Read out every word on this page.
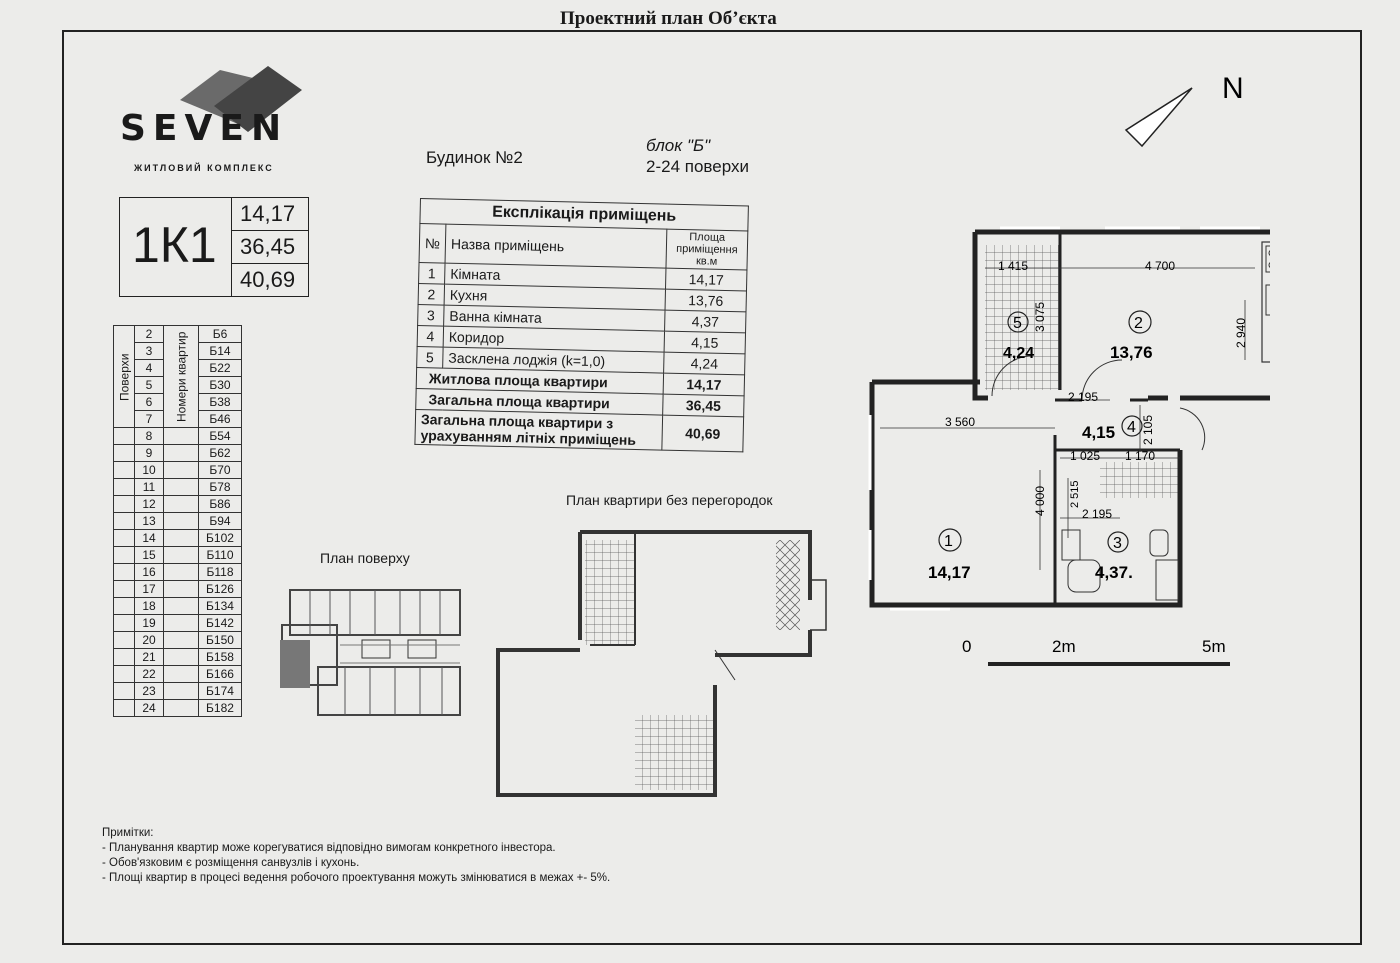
Проектний план Об’єкта
SEVEN
ЖИТЛОВИЙ КОМПЛЕКС
1К1
14,17
36,45
40,69
Будинок №2
блок "Б"
2-24 поверхи
Експлікація приміщень		
№	Назва приміщень	Площа приміщення кв.м
1	Кімната	14,17
2	Кухня	13,76
3	Ванна кімната	4,37
4	Коридор	4,15
5	Засклена лоджія (k=1,0)	4,24
Житлова площа квартири		14,17
Загальна площа квартири		36,45
Загальна площа квартири з урахуванням літніх приміщень		40,69
Поверхи	2	Номери квартир	Б6
	3		Б14
	4		Б22
	5		Б30
	6		Б38
	7		Б46
	8		Б54
	9		Б62
	10		Б70
	11		Б78
	12		Б86
	13		Б94
	14		Б102
	15		Б110
	16		Б118
	17		Б126
	18		Б134
	19		Б142
	20		Б150
	21		Б158
	22		Б166
	23		Б174
	24		Б182
План поверху
План квартири без перегородок
N
1 415	4 700
3 075
2 940
2 195
3 560	2 105
1 025 1 170
4 000 2 515
2 195
5
4,24
2
13,76
4
4,15
1
14,17
3
4,37.
0	2m	5m
Примітки:
- Планування квартир може корегуватися відповідно вимогам конкретного інвестора.
- Обов'язковим є розміщення санвузлів і кухонь.
- Площі квартир в процесі ведення робочого проектування можуть змінюватися в межах +- 5%.
